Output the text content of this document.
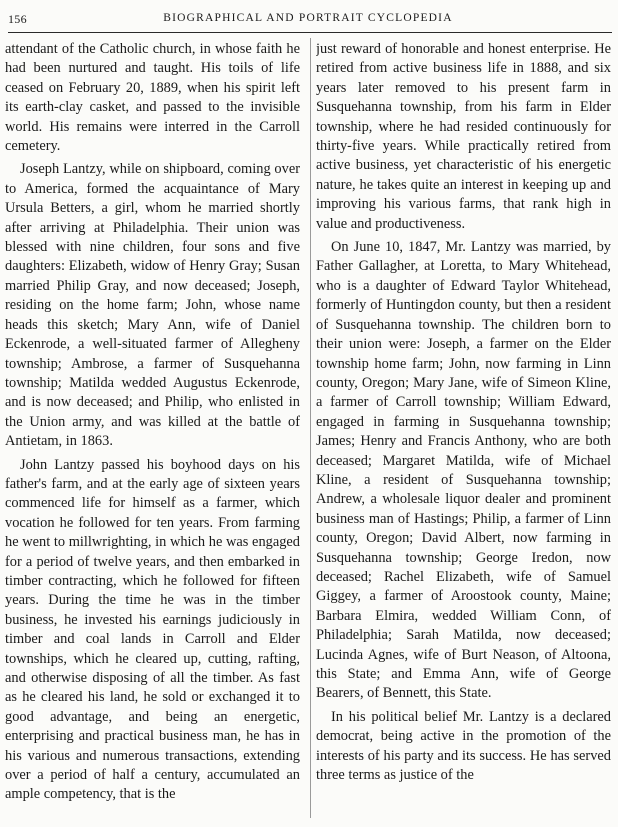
156	BIOGRAPHICAL AND PORTRAIT CYCLOPEDIA

attendant of the Catholic church, in whose faith he had been nurtured and taught. His toils of life ceased on February 20, 1889, when his spirit left its earth-clay casket, and passed to the invisible world. His remains were interred in the Carroll cemetery.

Joseph Lantzy, while on shipboard, coming over to America, formed the acquaintance of Mary Ursula Betters, a girl, whom he married shortly after arriving at Philadelphia. Their union was blessed with nine children, four sons and five daughters: Elizabeth, widow of Henry Gray; Susan married Philip Gray, and now deceased; Joseph, residing on the home farm; John, whose name heads this sketch; Mary Ann, wife of Daniel Eckenrode, a well-situated farmer of Allegheny township; Ambrose, a farmer of Susquehanna township; Matilda wedded Augustus Eckenrode, and is now deceased; and Philip, who enlisted in the Union army, and was killed at the battle of Antietam, in 1863.

John Lantzy passed his boyhood days on his father's farm, and at the early age of sixteen years commenced life for himself as a farmer, which vocation he followed for ten years. From farming he went to millwrighting, in which he was engaged for a period of twelve years, and then embarked in timber contracting, which he followed for fifteen years. During the time he was in the timber business, he invested his earnings judiciously in timber and coal lands in Carroll and Elder townships, which he cleared up, cutting, rafting, and otherwise disposing of all the timber. As fast as he cleared his land, he sold or exchanged it to good advantage, and being an energetic, enterprising and practical business man, he has in his various and numerous transactions, extending over a period of half a century, accumulated an ample competency, that is the

just reward of honorable and honest enterprise. He retired from active business life in 1888, and six years later removed to his present farm in Susquehanna township, from his farm in Elder township, where he had resided continuously for thirty-five years. While practically retired from active business, yet characteristic of his energetic nature, he takes quite an interest in keeping up and improving his various farms, that rank high in value and productiveness.

On June 10, 1847, Mr. Lantzy was married, by Father Gallagher, at Loretta, to Mary Whitehead, who is a daughter of Edward Taylor Whitehead, formerly of Huntingdon county, but then a resident of Susquehanna township. The children born to their union were: Joseph, a farmer on the Elder township home farm; John, now farming in Linn county, Oregon; Mary Jane, wife of Simeon Kline, a farmer of Carroll township; William Edward, engaged in farming in Susquehanna township; James; Henry and Francis Anthony, who are both deceased; Margaret Matilda, wife of Michael Kline, a resident of Susquehanna township; Andrew, a wholesale liquor dealer and prominent business man of Hastings; Philip, a farmer of Linn county, Oregon; David Albert, now farming in Susquehanna township; George Iredon, now deceased; Rachel Elizabeth, wife of Samuel Giggey, a farmer of Aroostook county, Maine; Barbara Elmira, wedded William Conn, of Philadelphia; Sarah Matilda, now deceased; Lucinda Agnes, wife of Burt Neason, of Altoona, this State; and Emma Ann, wife of George Bearers, of Bennett, this State.

In his political belief Mr. Lantzy is a declared democrat, being active in the promotion of the interests of his party and its success. He has served three terms as justice of the
